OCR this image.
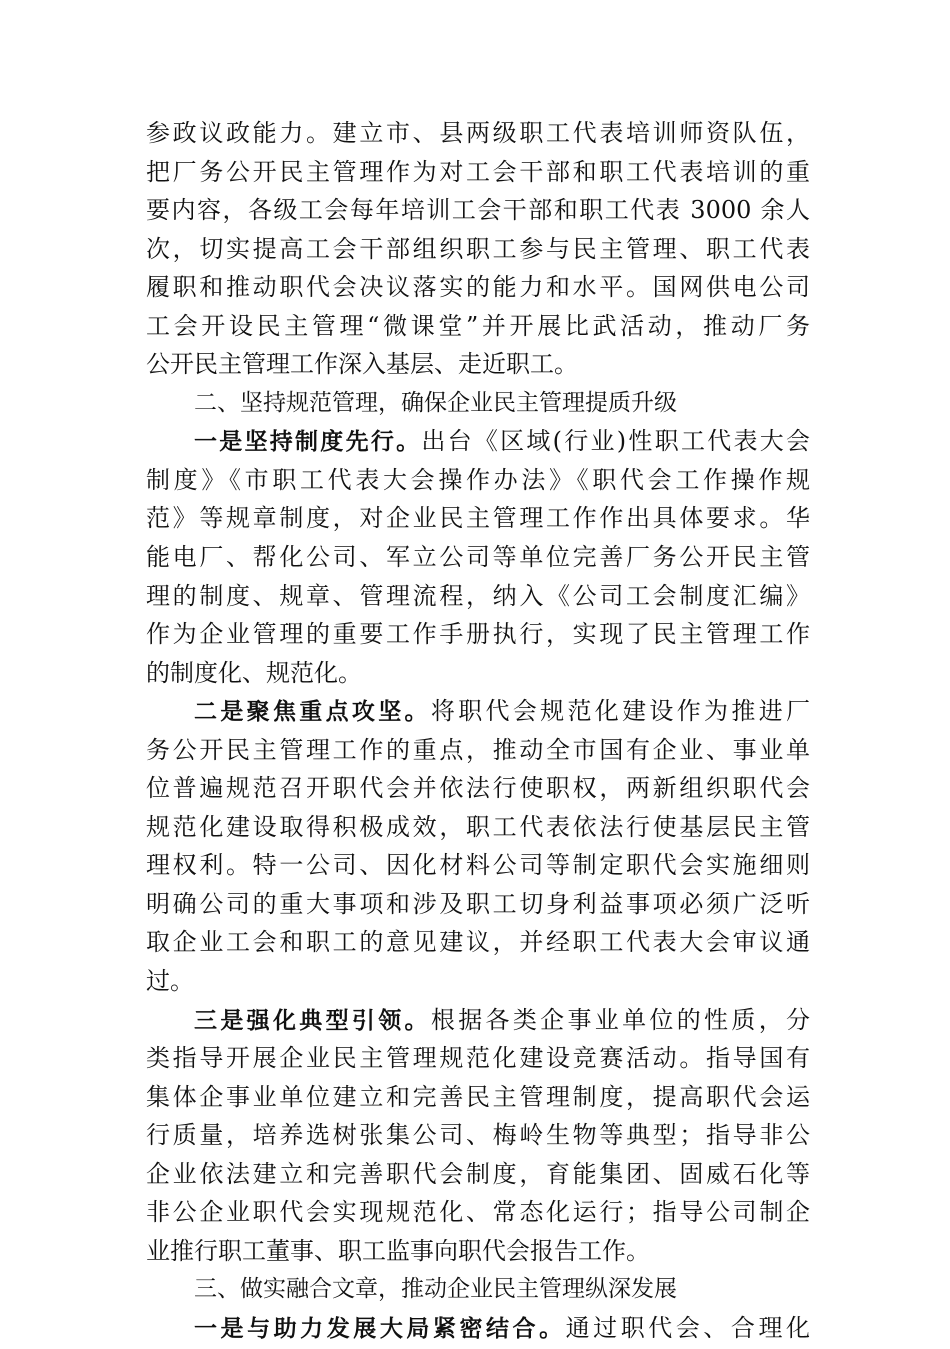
参政议政能力。建立市、县两级职工代表培训师资队伍，
把厂务公开民主管理作为对工会干部和职工代表培训的重
要内容，各级工会每年培训工会干部和职工代表 3000 余人
次，切实提高工会干部组织职工参与民主管理、职工代表
履职和推动职代会决议落实的能力和水平。国网供电公司
工会开设民主管理“微课堂”并开展比武活动，推动厂务
公开民主管理工作深入基层、走近职工。
二、坚持规范管理，确保企业民主管理提质升级
一是坚持制度先行。出台《区域(行业)性职工代表大会
制度》《市职工代表大会操作办法》《职代会工作操作规
范》等规章制度，对企业民主管理工作作出具体要求。华
能电厂、帮化公司、军立公司等单位完善厂务公开民主管
理的制度、规章、管理流程，纳入《公司工会制度汇编》
作为企业管理的重要工作手册执行，实现了民主管理工作
的制度化、规范化。
二是聚焦重点攻坚。将职代会规范化建设作为推进厂
务公开民主管理工作的重点，推动全市国有企业、事业单
位普遍规范召开职代会并依法行使职权，两新组织职代会
规范化建设取得积极成效，职工代表依法行使基层民主管
理权利。特一公司、因化材料公司等制定职代会实施细则
明确公司的重大事项和涉及职工切身利益事项必须广泛听
取企业工会和职工的意见建议，并经职工代表大会审议通
过。
三是强化典型引领。根据各类企事业单位的性质，分
类指导开展企业民主管理规范化建设竞赛活动。指导国有
集体企事业单位建立和完善民主管理制度，提高职代会运
行质量，培养选树张集公司、梅岭生物等典型；指导非公
企业依法建立和完善职代会制度，育能集团、固威石化等
非公企业职代会实现规范化、常态化运行；指导公司制企
业推行职工董事、职工监事向职代会报告工作。
三、做实融合文章，推动企业民主管理纵深发展
一是与助力发展大局紧密结合。通过职代会、合理化
